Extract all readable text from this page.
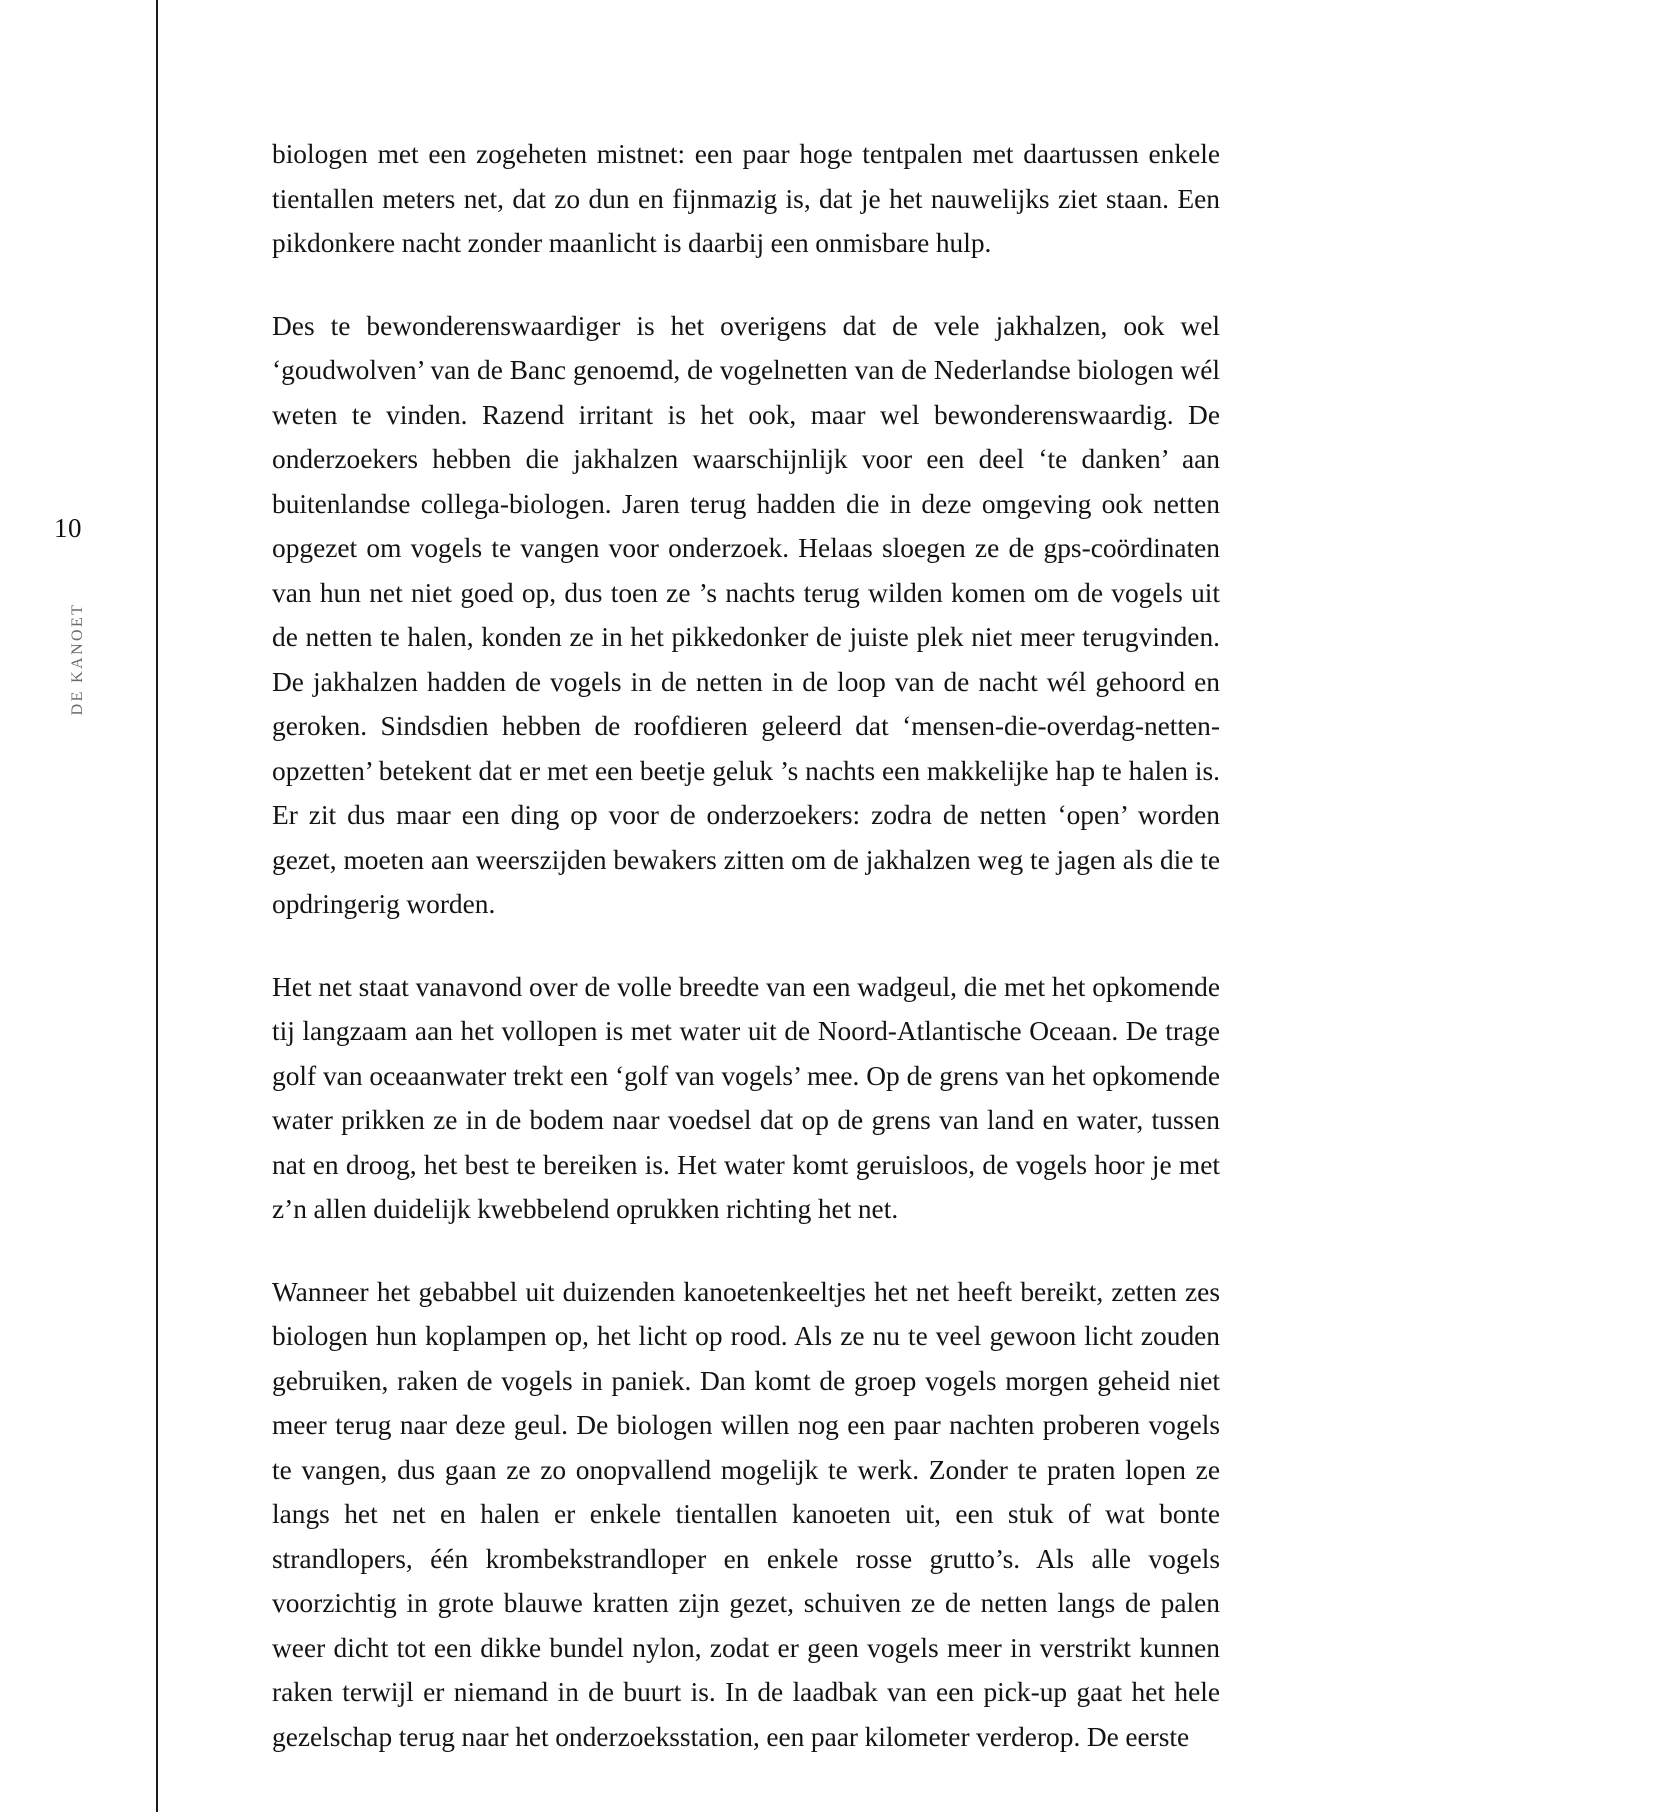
10
DE KANOET

biologen met een zogeheten mistnet: een paar hoge tentpalen met daartussen enkele tientallen meters net, dat zo dun en fijnmazig is, dat je het nauwelijks ziet staan. Een pikdonkere nacht zonder maanlicht is daarbij een onmisbare hulp.

Des te bewonderenswaardiger is het overigens dat de vele jakhalzen, ook wel ‘goudwolven’ van de Banc genoemd, de vogelnetten van de Nederlandse biologen wél weten te vinden. Razend irritant is het ook, maar wel bewonderenswaardig. De onderzoekers hebben die jakhalzen waarschijnlijk voor een deel ‘te danken’ aan buitenlandse collega-biologen. Jaren terug hadden die in deze omgeving ook netten opgezet om vogels te vangen voor onderzoek. Helaas sloegen ze de gps-coördinaten van hun net niet goed op, dus toen ze ’s nachts terug wilden komen om de vogels uit de netten te halen, konden ze in het pikkedonker de juiste plek niet meer terugvinden. De jakhalzen hadden de vogels in de netten in de loop van de nacht wél gehoord en geroken. Sindsdien hebben de roofdieren geleerd dat ‘mensen-die-overdag-netten-opzetten’ betekent dat er met een beetje geluk ’s nachts een makkelijke hap te halen is. Er zit dus maar een ding op voor de onderzoekers: zodra de netten ‘open’ worden gezet, moeten aan weerszijden bewakers zitten om de jakhalzen weg te jagen als die te opdringerig worden.

Het net staat vanavond over de volle breedte van een wadgeul, die met het opkomende tij langzaam aan het vollopen is met water uit de Noord-Atlantische Oceaan. De trage golf van oceaanwater trekt een ‘golf van vogels’ mee. Op de grens van het opkomende water prikken ze in de bodem naar voedsel dat op de grens van land en water, tussen nat en droog, het best te bereiken is. Het water komt geruisloos, de vogels hoor je met z’n allen duidelijk kwebbelend oprukken richting het net.

Wanneer het gebabbel uit duizenden kanoetenkeeltjes het net heeft bereikt, zetten zes biologen hun koplampen op, het licht op rood. Als ze nu te veel gewoon licht zouden gebruiken, raken de vogels in paniek. Dan komt de groep vogels morgen geheid niet meer terug naar deze geul. De biologen willen nog een paar nachten proberen vogels te vangen, dus gaan ze zo onopvallend mogelijk te werk. Zonder te praten lopen ze langs het net en halen er enkele tientallen kanoeten uit, een stuk of wat bonte strandlopers, één krombekstrandloper en enkele rosse grutto’s. Als alle vogels voorzichtig in grote blauwe kratten zijn gezet, schuiven ze de netten langs de palen weer dicht tot een dikke bundel nylon, zodat er geen vogels meer in verstrikt kunnen raken terwijl er niemand in de buurt is. In de laadbak van een pick-up gaat het hele gezelschap terug naar het onderzoeksstation, een paar kilometer verderop. De eerste
